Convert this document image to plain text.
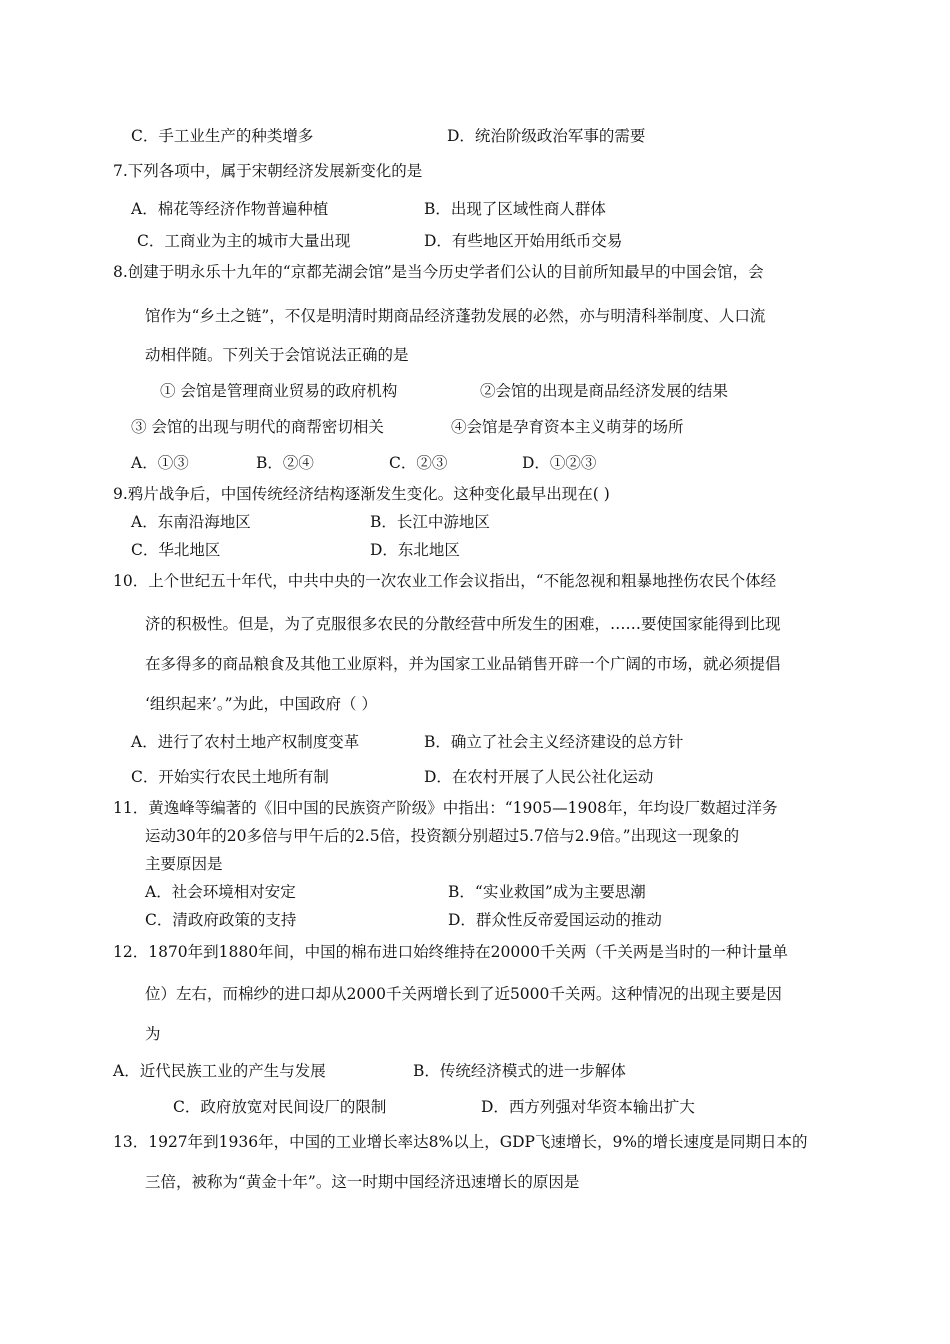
C．手工业生产的种类增多	D．统治阶级政治军事的需要
7.下列各项中，属于宋朝经济发展新变化的是
A．棉花等经济作物普遍种植	B．出现了区域性商人群体
C．工商业为主的城市大量出现	D．有些地区开始用纸币交易
8.创建于明永乐十九年的“京都芜湖会馆”是当今历史学者们公认的目前所知最早的中国会馆，会
馆作为“乡土之链”，不仅是明清时期商品经济蓬勃发展的必然，亦与明清科举制度、人口流
动相伴随。下列关于会馆说法正确的是
① 会馆是管理商业贸易的政府机构	②会馆的出现是商品经济发展的结果
③ 会馆的出现与明代的商帮密切相关	④会馆是孕育资本主义萌芽的场所
A．①③	B．②④	C．②③	D．①②③
9.鸦片战争后，中国传统经济结构逐渐发生变化。这种变化最早出现在( )
A．东南沿海地区	B．长江中游地区
C．华北地区	D．东北地区
10．上个世纪五十年代，中共中央的一次农业工作会议指出，“不能忽视和粗暴地挫伤农民个体经
济的积极性。但是，为了克服很多农民的分散经营中所发生的困难，……要使国家能得到比现
在多得多的商品粮食及其他工业原料，并为国家工业品销售开辟一个广阔的市场，就必须提倡
‘组织起来’。”为此，中国政府（ ）
A．进行了农村土地产权制度变革	B．确立了社会主义经济建设的总方针
C．开始实行农民土地所有制	D．在农村开展了人民公社化运动
11．黄逸峰等编著的《旧中国的民族资产阶级》中指出：“1905—1908年，年均设厂数超过洋务
运动30年的20多倍与甲午后的2.5倍，投资额分别超过5.7倍与2.9倍。”出现这一现象的
主要原因是
A．社会环境相对安定	B．“实业救国”成为主要思潮
C．清政府政策的支持	D．群众性反帝爱国运动的推动
12．1870年到1880年间，中国的棉布进口始终维持在20000千关两（千关两是当时的一种计量单
位）左右，而棉纱的进口却从2000千关两增长到了近5000千关两。这种情况的出现主要是因
为
A．近代民族工业的产生与发展	B．传统经济模式的进一步解体
C．政府放宽对民间设厂的限制	D．西方列强对华资本输出扩大
13．1927年到1936年，中国的工业增长率达8%以上，GDP飞速增长，9%的增长速度是同期日本的
三倍，被称为“黄金十年”。这一时期中国经济迅速增长的原因是
